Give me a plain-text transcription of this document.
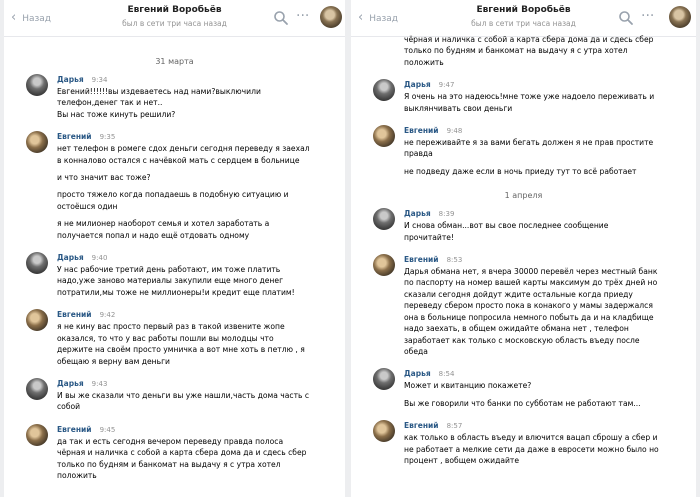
‹ Назад
Евгений Воробьёв
был в сети три часа назад	···
31 марта
Дарья 9:34
Евгений!!!!!!вы издеваетесь над нами?выключили
телефон,денег так и нет..
Вы нас тоже кинуть решили?
Евгений 9:35
нет телефон в ромеге сдох деньги сегодня переведу я заехал
в конналово остался с начёвкой мать с сердцем в больнице
и что значит вас тоже?
просто тяжело когда попадаешь в подобную ситуацию и
остоёшся один
я не милионер наоборот семья и хотел заработать а
получается попал и надо ещё отдовать одному
Дарья 9:40
У нас рабочие третий день работают, им тоже платить
надо,уже заново материалы закупили еще много денег
потратили,мы тоже не миллионеры!и кредит еще платим!
Евгений 9:42
я не кину вас просто первый раз в такой извените жопе
оказался, то что у вас работы пошли вы молодцы что
держите на своём просто умничка а вот мне хоть в петлю , я
обещаю я верну вам деньги
Дарья 9:43
И вы же сказали что деньги вы уже нашли,часть дома часть с
собой
Евгений 9:45
да так и есть сегодня вечером переведу правда полоса
чёрная и наличка с собой а карта сбера дома да и сдесь сбер
только по будням и банкомат на выдачу я с утра хотел
положить
‹ Назад
Евгений Воробьёв
был в сети три часа назад	···
чёрная и наличка с собой а карта сбера дома да и сдесь сбер
только по будням и банкомат на выдачу я с утра хотел
положить
Дарья 9:47
Я очень на это надеюсь!мне тоже уже надоело переживать и
выклянчивать свои деньги
Евгений 9:48
не переживайте я за вами бегать должен я не прав простите
правда
не подведу даже если в ночь приеду тут то всё работает
1 апреля
Дарья 8:39
И снова обман...вот вы свое последнее сообщение
прочитайте!
Евгений 8:53
Дарья обмана нет, я вчера 30000 перевёл через местный банк
по паспорту на номер вашей карты максимум до трёх дней но
сказали сегодня дойдут ждите остальные когда приеду
переведу сбером просто пока в конакого у мамы задержался
она в больнице попросила немного побыть да и на кладбище
надо заехать, в общем ожидайте обмана нет , телефон
заработает как только с московскую область въеду после
обеда
Дарья 8:54
Может и квитанцию покажете?
Вы же говорили что банки по субботам не работают там...
Евгений 8:57
как только в область въеду и влючится вацап сброшу а сбер и
не работает а мелкие сети да даже в евросети можно было но
процент , вобщем ожидайте
